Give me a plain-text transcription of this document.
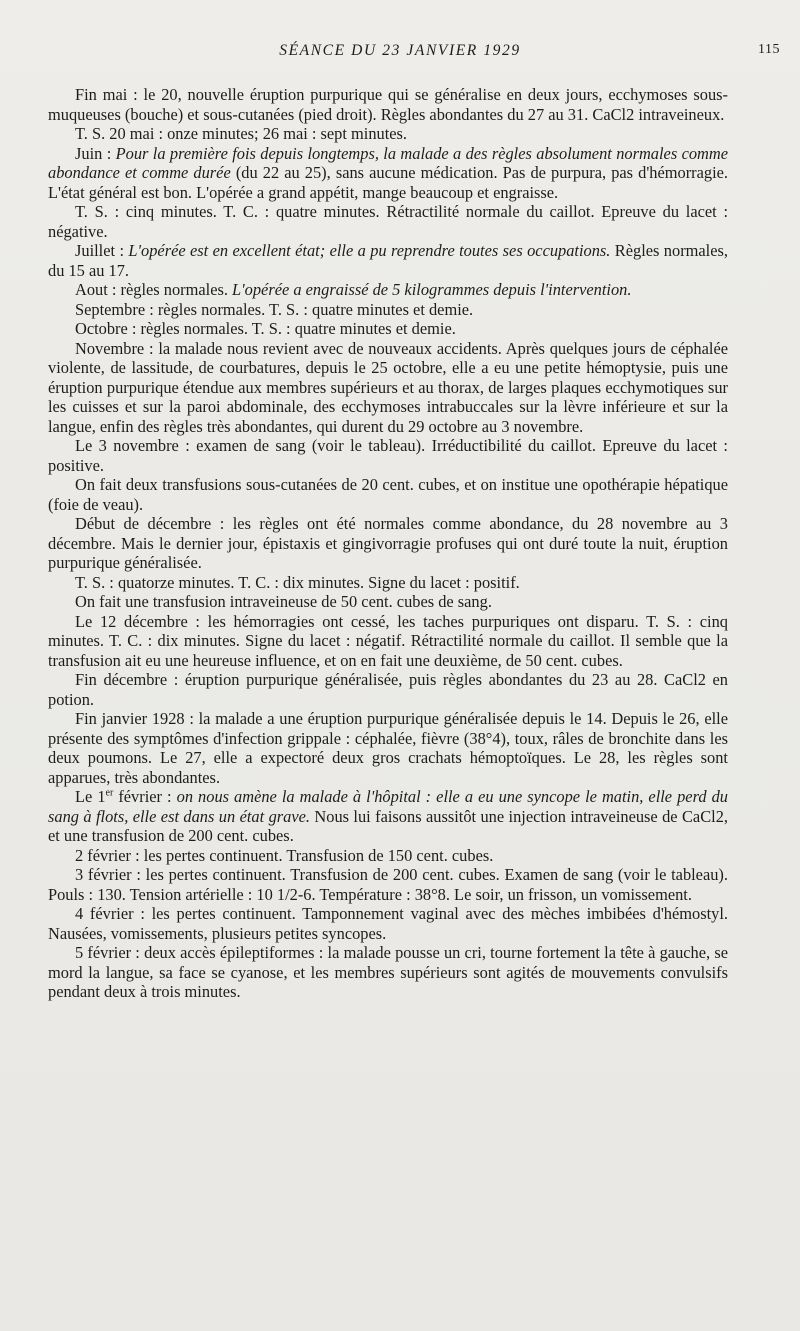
SÉANCE DU 23 JANVIER 1929	115

Fin mai : le 20, nouvelle éruption purpurique qui se généralise en deux jours, ecchymoses sous-muqueuses (bouche) et sous-cutanées (pied droit). Règles abondantes du 27 au 31. CaCl2 intraveineux.

T. S. 20 mai : onze minutes; 26 mai : sept minutes.

Juin : Pour la première fois depuis longtemps, la malade a des règles absolument normales comme abondance et comme durée (du 22 au 25), sans aucune médication. Pas de purpura, pas d'hémorragie. L'état général est bon. L'opérée a grand appétit, mange beaucoup et engraisse.

T. S. : cinq minutes. T. C. : quatre minutes. Rétractilité normale du caillot. Epreuve du lacet : négative.

Juillet : L'opérée est en excellent état; elle a pu reprendre toutes ses occupations. Règles normales, du 15 au 17.

Aout : règles normales. L'opérée a engraissé de 5 kilogrammes depuis l'intervention.

Septembre : règles normales. T. S. : quatre minutes et demie.

Octobre : règles normales. T. S. : quatre minutes et demie.

Novembre : la malade nous revient avec de nouveaux accidents. Après quelques jours de céphalée violente, de lassitude, de courbatures, depuis le 25 octobre, elle a eu une petite hémoptysie, puis une éruption purpurique étendue aux membres supérieurs et au thorax, de larges plaques ecchymotiques sur les cuisses et sur la paroi abdominale, des ecchymoses intrabuccales sur la lèvre inférieure et sur la langue, enfin des règles très abondantes, qui durent du 29 octobre au 3 novembre.

Le 3 novembre : examen de sang (voir le tableau). Irréductibilité du caillot. Epreuve du lacet : positive.

On fait deux transfusions sous-cutanées de 20 cent. cubes, et on institue une opothérapie hépatique (foie de veau).

Début de décembre : les règles ont été normales comme abondance, du 28 novembre au 3 décembre. Mais le dernier jour, épistaxis et gingivorragie profuses qui ont duré toute la nuit, éruption purpurique généralisée.

T. S. : quatorze minutes. T. C. : dix minutes. Signe du lacet : positif.

On fait une transfusion intraveineuse de 50 cent. cubes de sang.

Le 12 décembre : les hémorragies ont cessé, les taches purpuriques ont disparu. T. S. : cinq minutes. T. C. : dix minutes. Signe du lacet : négatif. Rétractilité normale du caillot. Il semble que la transfusion ait eu une heureuse influence, et on en fait une deuxième, de 50 cent. cubes.

Fin décembre : éruption purpurique généralisée, puis règles abondantes du 23 au 28. CaCl2 en potion.

Fin janvier 1928 : la malade a une éruption purpurique généralisée depuis le 14. Depuis le 26, elle présente des symptômes d'infection grippale : céphalée, fièvre (38°4), toux, râles de bronchite dans les deux poumons. Le 27, elle a expectoré deux gros crachats hémoptoïques. Le 28, les règles sont apparues, très abondantes.

Le 1er février : on nous amène la malade à l'hôpital : elle a eu une syncope le matin, elle perd du sang à flots, elle est dans un état grave. Nous lui faisons aussitôt une injection intraveineuse de CaCl2, et une transfusion de 200 cent. cubes.

2 février : les pertes continuent. Transfusion de 150 cent. cubes.

3 février : les pertes continuent. Transfusion de 200 cent. cubes. Examen de sang (voir le tableau). Pouls : 130. Tension artérielle : 10 1/2-6. Température : 38°8. Le soir, un frisson, un vomissement.

4 février : les pertes continuent. Tamponnement vaginal avec des mèches imbibées d'hémostyl. Nausées, vomissements, plusieurs petites syncopes.

5 février : deux accès épileptiformes : la malade pousse un cri, tourne fortement la tête à gauche, se mord la langue, sa face se cyanose, et les membres supérieurs sont agités de mouvements convulsifs pendant deux à trois minutes.
